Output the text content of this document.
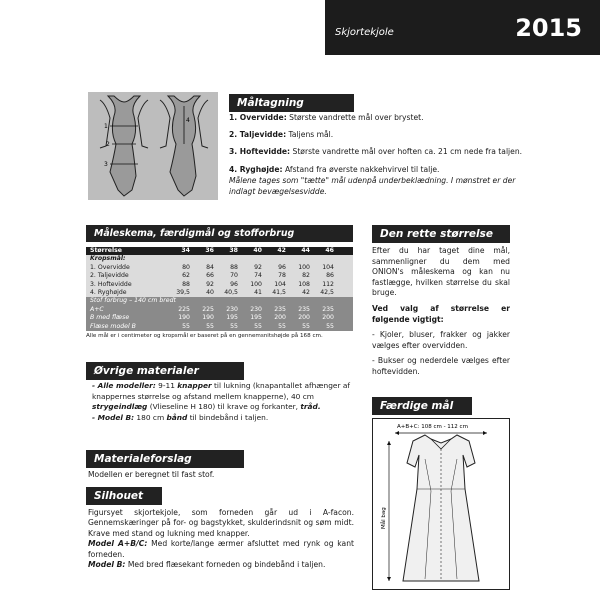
Skjortekjole	2015
1
2
3
4
Måltagning
1. Overvidde: Største vandrette mål over brystet.
2. Taljevidde: Taljens mål.
3. Hoftevidde: Største vandrette mål over hoften ca. 21 cm nede fra taljen.
4. Ryghøjde: Afstand fra øverste nakkehvirvel til talje.
Målene tages som "tætte" mål udenpå underbeklædning. I mønstret er der indlagt bevægelsesvidde.
Måleskema, færdigmål og stofforbrug
Størrelse	34	36	38	40	42	44	46
Kropsmål:
1. Overvidde	80	84	88	92	96	100	104
2. Taljevidde	62	66	70	74	78	82	86
3. Hoftevidde	88	92	96	100	104	108	112
4. Ryghøjde	39,5	40	40,5	41	41,5	42	42,5
Stof forbrug – 140 cm bredt
A+C	225	225	230	230	235	235	235
B med flæse	190	190	195	195	200	200	200
Flæse model B	55	55	55	55	55	55	55
Alle mål er i centimeter og kropsmål er baseret på en gennemsnitshøjde på 168 cm.
Øvrige materialer
- Alle modeller: 9-11 knapper til lukning (knapantallet afhænger af knappernes størrelse og afstand mellem knapperne), 40 cm strygeindlæg (Vlieseline H 180) til krave og forkanter, tråd.
- Model B: 180 cm bånd til bindebånd i taljen.
Materialeforslag
Modellen er beregnet til fast stof.
Silhouet
Figursyet skjortekjole, som forneden går ud i A-facon. Gennemskæringer på for- og bagstykket, skulderindsnit og søm midt. Krave med stand og lukning med knapper.
Model A+B/C: Med korte/lange ærmer afsluttet med rynk og kant forneden.
Model B: Med bred flæsekant forneden og bindebånd i taljen.
Den rette størrelse
Efter du har taget dine mål, sammenligner du dem med ONION's måleskema og kan nu fastlægge, hvilken størrelse du skal bruge.
Ved valg af størrelse er følgende vigtigt:
- Kjoler, bluser, frakker og jakker vælges efter overvidden.
- Bukser og nederdele vælges efter hoftevidden.
Færdige mål
A+B+C: 108 cm - 112 cm
Mål bag
